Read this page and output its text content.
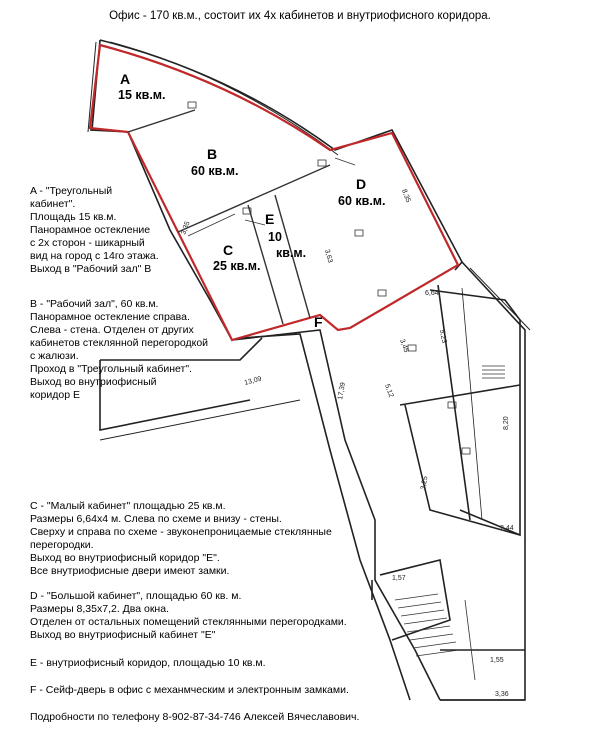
Офис - 170 кв.м., состоит их 4х кабинетов и внутриофисного коридора.
8,35
3,63
3,35
6,64
3,45
5,23
8,20
3,25
2,44
1,57
1,55
3,36
17,39
13,09
5,12
A
15 кв.м.
B
60 кв.м.
C
25 кв.м.
D
60 кв.м.
E
10
кв.м.
F
A - "Треугольный
кабинет".
Площадь 15 кв.м.
Панорамное остекление
с 2х сторон - шикарный
вид на город с 14го этажа.
Выход в "Рабочий зал" B
B - "Рабочий зал", 60 кв.м.
Панорамное остекление справа.
Слева - стена. Отделен от других
кабинетов стеклянной перегородкой
с жалюзи.
Проход в "Треугольный кабинет".
Выход во внутриофисный
коридор E
C - "Малый кабинет" площадью 25 кв.м.
Размеры 6,64х4 м. Слева по схеме и внизу - стены.
Сверху и справа по схеме - звуконепроницаемые стеклянные
перегородки.
Выход во внутриофисный коридор "E".
Все внутриофисные двери имеют замки.
D - "Большой кабинет", площадью 60 кв. м.
Размеры 8,35х7,2. Два окна.
Отделен от остальных помещений стеклянными перегородками.
Выход во внутриофисный кабинет "E"
E - внутриофисный коридор, площадью 10 кв.м.
F - Сейф-дверь в офис с механмческим и электронным замками.
Подробности по телефону 8-902-87-34-746 Алексей Вячеславович.
